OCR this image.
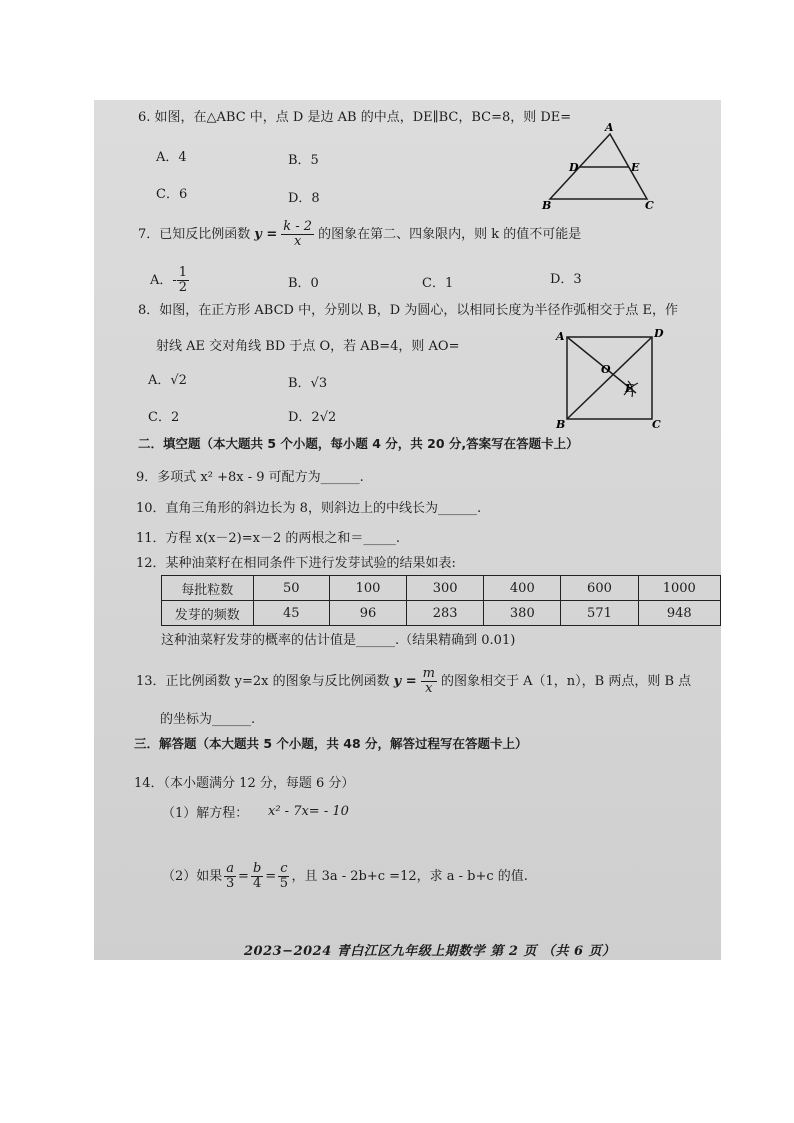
6. 如图，在△ABC 中，点 D 是边 AB 的中点，DE∥BC，BC=8，则 DE=
A．4	B．5
C．6	D．8
A
B	C
D	E
7．已知反比例函数 $y = \frac{k - 2}{x}$ 的图象在第二、四象限内，则 k 的值不可能是
A．- $\frac{1}{2}$	B．0	C．1	D．3
8．如图，在正方形 ABCD 中，分别以 B，D 为圆心，以相同长度为半径作弧相交于点 E，作
射线 AE 交对角线 BD 于点 O，若 AB=4，则 AO=
A．√2	B．√3
C．2	D．2√2
A	D
B	C
O
E
二．填空题（本大题共 5 个小题，每小题 4 分，共 20 分,答案写在答题卡上）
9．多项式 x² +8x - 9 可配方为______.
10．直角三角形的斜边长为 8，则斜边上的中线长为______.
11．方程 x(x－2)=x－2 的两根之和＝_____.
12．某种油菜籽在相同条件下进行发芽试验的结果如表:
每批粒数	50	100	300	400	600	1000
发芽的频数	45	96	283	380	571	948
这种油菜籽发芽的概率的估计值是______.（结果精确到 0.01)
13．正比例函数 y=2x 的图象与反比例函数 $y = \frac{m}{x}$ 的图象相交于 A（1，n），B 两点，则 B 点
的坐标为______.
三．解答题（本大题共 5 个小题，共 48 分，解答过程写在答题卡上）
14．（本小题满分 12 分，每题 6 分）
（1）解方程： x² - 7x= - 10
（2）如果 $\frac{a}{3} = \frac{b}{4} = \frac{c}{5}$ ，且 3a - 2b+c =12，求 a - b+c 的值.
2023−2024 青白江区九年级上期数学 第 2 页 （共 6 页）
